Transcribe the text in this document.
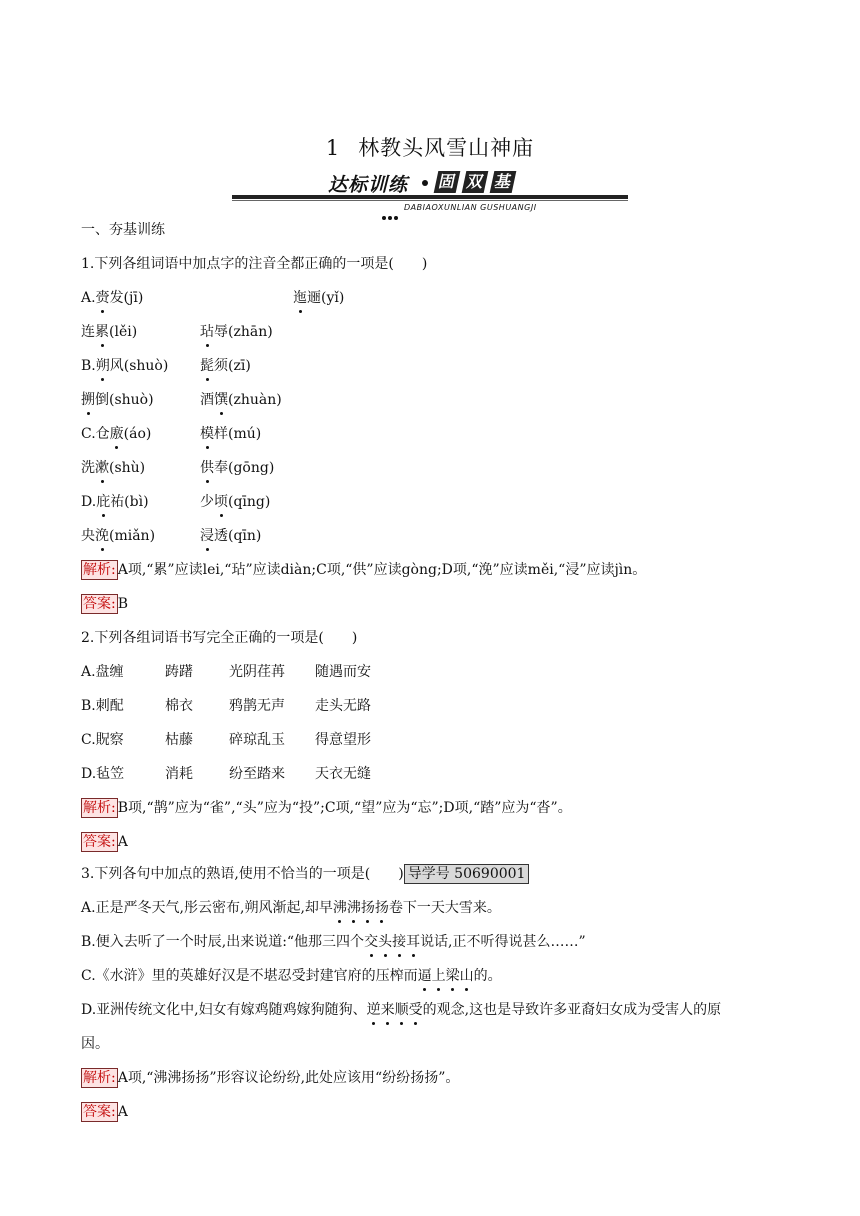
1 林教头风雪山神庙
达标训练 固 双 基
DABIAOXUNLIAN GUSHUANGJI
一、夯基训练
1.下列各组词语中加点字的注音全都正确的一项是(　　)
A.赍发(jī)	迤逦(yǐ)
连累(lěi)	玷辱(zhān)
B.朔风(shuò) 髭须(zī)
搠倒(shuò)	酒馔(zhuàn)
C.仓廒(áo)	模样(mú)
洗漱(shù)	供奉(gōng)
D.庇祐(bì)	少顷(qīng)
央浼(miǎn)	浸透(qīn)
解析: A项,“累”应读lei,“玷”应读diàn;C项,“供”应读gòng;D项,“浼”应读měi,“浸”应读jìn。
答案: B
2.下列各组词语书写完全正确的一项是(　　)
A.盘缠	踌躇	光阴荏苒 随遇而安
B.刺配	棉衣	鸦鹊无声 走头无路
C.貺察	枯藤	碎琼乱玉 得意望形
D.毡笠	消耗	纷至踏来 天衣无缝
解析: B项,“鹊”应为“雀”,“头”应为“投”;C项,“望”应为“忘”;D项,“踏”应为“沓”。
答案: A
3.下列各句中加点的熟语,使用不恰当的一项是(　　) 导学号 50690001
A.正是严冬天气,彤云密布,朔风渐起,却早沸沸扬扬卷下一天大雪来。
B.便入去听了一个时辰,出来说道:“他那三四个交头接耳说话,正不听得说甚么……”
C.《水浒》里的英雄好汉是不堪忍受封建官府的压榨而逼上梁山的。
D.亚洲传统文化中,妇女有嫁鸡随鸡嫁狗随狗、逆来顺受的观念,这也是导致许多亚裔妇女成为受害人的原
因。
解析: A项,“沸沸扬扬”形容议论纷纷,此处应该用“纷纷扬扬”。
答案: A
